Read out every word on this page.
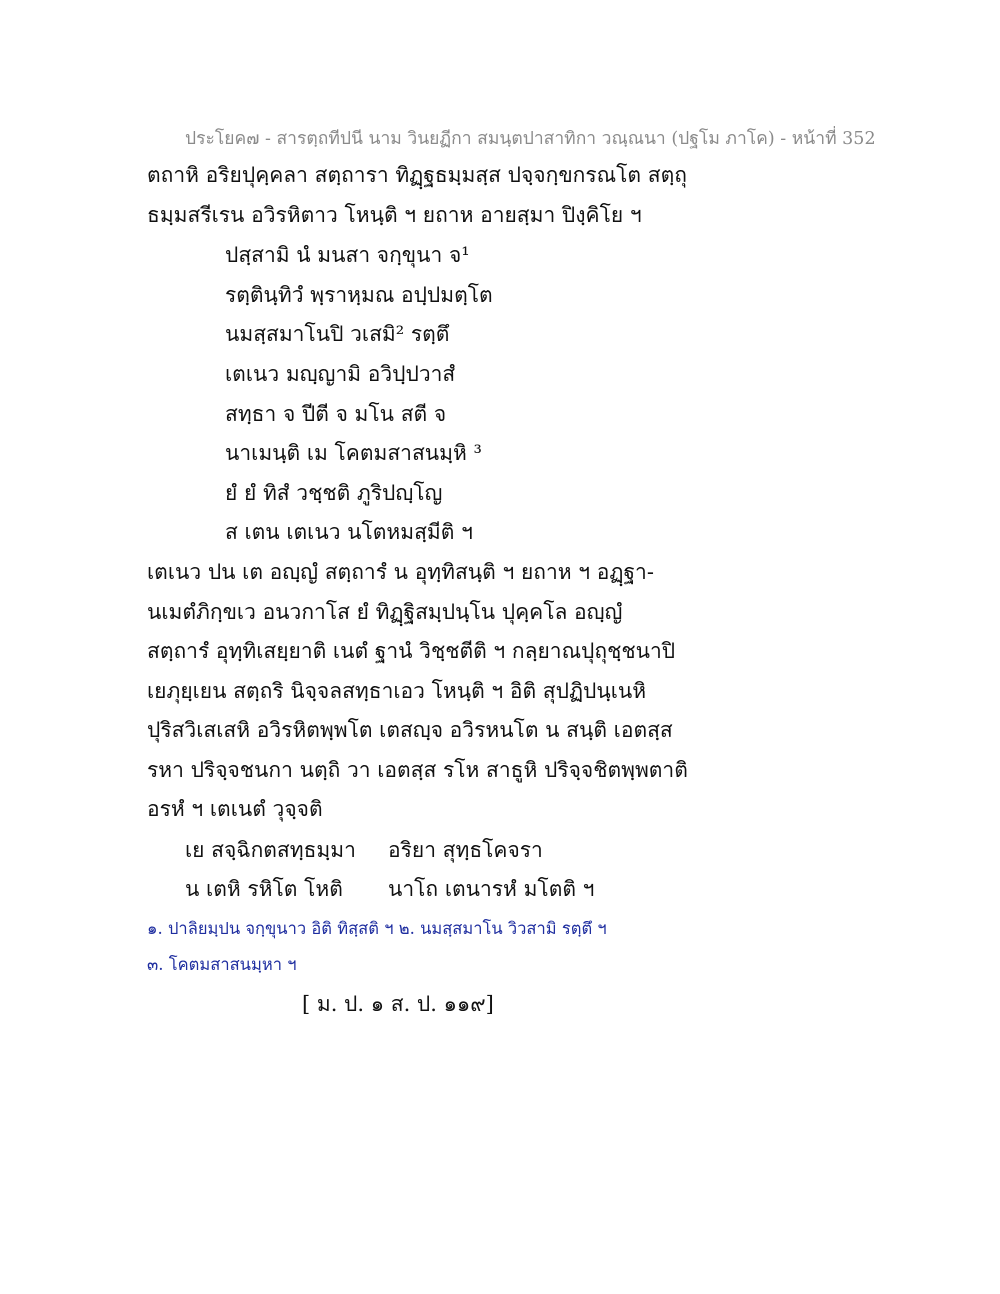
ประโยค๗ - สารตฺถทีปนี นาม วินยฏีกา สมนฺตปาสาทิกา วณฺณนา (ปฐโม ภาโค) - หน้าที่ 352
ตถาหิ อริยปุคฺคลา สตฺถารา ทิฏฺฐธมฺมสฺส ปจฺจกฺขกรณโต สตฺถุ
ธมฺมสรีเรน อวิรหิตาว โหนฺติ ฯ ยถาห อายสฺมา ปิงฺคิโย ฯ
ปสฺสามิ นํ มนสา จกฺขุนา จ¹
รตฺตินฺทิวํ พฺราหฺมณ อปฺปมตฺโต
นมสฺสมาโนปิ วเสมิ² รตฺตึ
เตเนว มญฺญามิ อวิปฺปวาสํ
สทฺธา จ ปีตี จ มโน สตี จ
นาเมนฺติ เม โคตมสาสนมฺหิ ³
ยํ ยํ ทิสํ วชฺชติ ภูริปญฺโญ
ส เตน เตเนว นโตหมสฺมีติ ฯ
เตเนว ปน เต อญฺญํ สตฺถารํ น อุทฺทิสนฺติ ฯ ยถาห ฯ อฏฺฐา-
นเมตํภิกฺขเว อนวกาโส ยํ ทิฏฺฐิสมฺปนฺโน ปุคฺคโล อญฺญํ
สตฺถารํ อุทฺทิเสยฺยาติ เนตํ ฐานํ วิชฺชตีติ ฯ กลฺยาณปุถุชฺชนาปิ
เยภุยฺเยน สตฺถริ นิจฺจลสทฺธาเอว โหนฺติ ฯ อิติ สุปฏิปนฺเนหิ
ปุริสวิเสเสหิ อวิรหิตพฺพโต เตสญฺจ อวิรหนโต น สนฺติ เอตสฺส
รหา ปริจฺจชนกา นตฺถิ วา เอตสฺส รโห สาธูหิ ปริจฺจชิตพฺพตาติ
อรหํ ฯ เตเนตํ วุจฺจติ
เย สจฺฉิกตสทฺธมฺมา อริยา สุทฺธโคจรา
น เตหิ รหิโต โหติ นาโถ เตนารหํ มโตติ ฯ
๑. ปาลิยมฺปน จกฺขุนาว อิติ ทิสฺสติ ฯ ๒. นมสฺสมาโน วิวสามิ รตฺตึ ฯ
๓. โคตมสาสนมฺหา ฯ
[ ม. ป. ๑ ส. ป. ๑๑๙]
